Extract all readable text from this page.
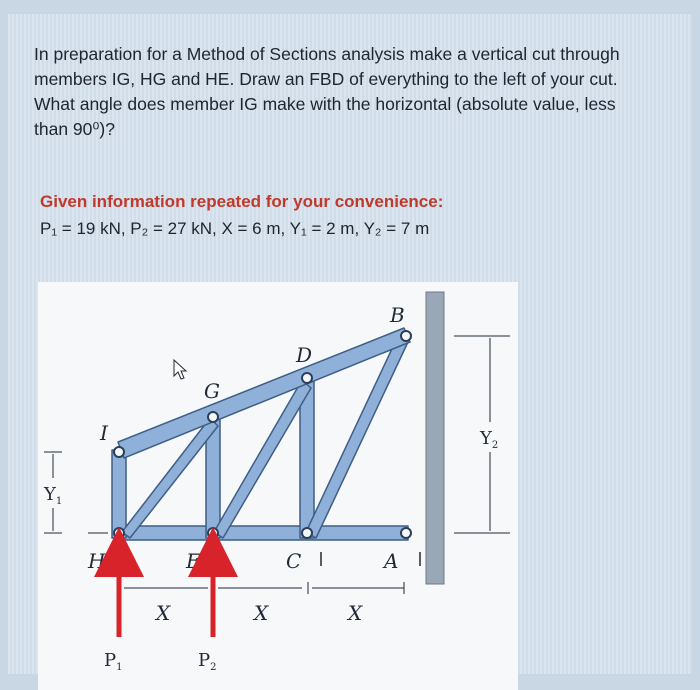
In preparation for a Method of Sections analysis make a vertical cut through

members IG, HG and HE. Draw an FBD of everything to the left of your cut.

What angle does member IG make with the horizontal (absolute value, less

than 90⁰)?

Given information repeated for your convenience:
P₁ = 19 kN, P₂ = 27 kN, X = 6 m, Y₁ = 2 m, Y₂ = 7 m
B
D
G
I
H	E	C	A
$P_1$	$P_2$
X	X	X
$Y_1$
$Y_2$
